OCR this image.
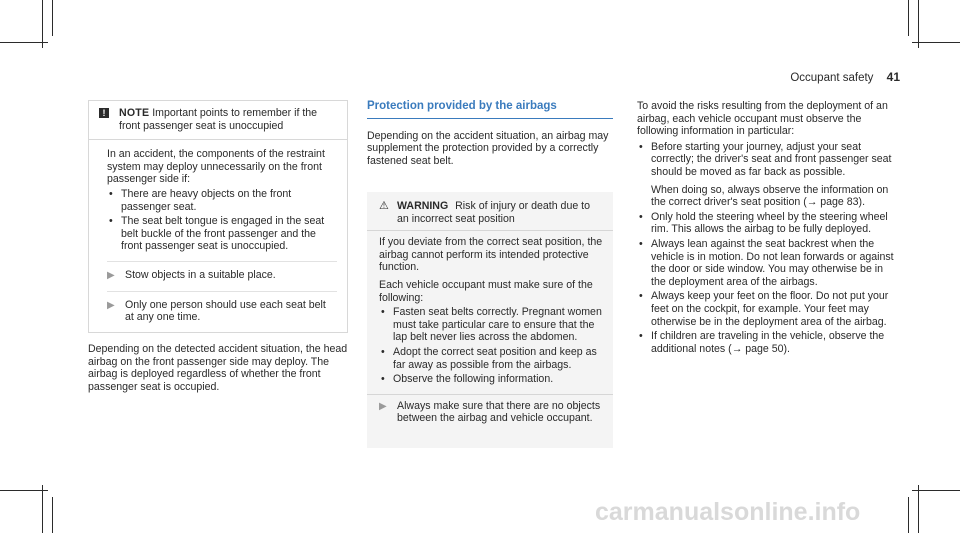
Occupant safety 41
!	NOTE Important points to remember if the front passenger seat is unoccupied
In an accident, the components of the restraint system may deploy unnecessarily on the front passenger side if:
• There are heavy objects on the front passenger seat.
• The seat belt tongue is engaged in the seat belt buckle of the front passenger and the front passenger seat is unoccupied.
▶ Stow objects in a suitable place.
▶ Only one person should use each seat belt at any one time.
Depending on the detected accident situation, the head airbag on the front passenger side may deploy. The airbag is deployed regardless of whether the front passenger seat is occupied.
Protection provided by the airbags
Depending on the accident situation, an airbag may supplement the protection provided by a correctly fastened seat belt.
⚠ WARNING Risk of injury or death due to an incorrect seat position
If you deviate from the correct seat position, the airbag cannot perform its intended protective function.
Each vehicle occupant must make sure of the following:
• Fasten seat belts correctly. Pregnant women must take particular care to ensure that the lap belt never lies across the abdomen.
• Adopt the correct seat position and keep as far away as possible from the airbags.
• Observe the following information.
▶ Always make sure that there are no objects between the airbag and vehicle occupant.
To avoid the risks resulting from the deployment of an airbag, each vehicle occupant must observe the following information in particular:
• Before starting your journey, adjust your seat correctly; the driver's seat and front passenger seat should be moved as far back as possible.
When doing so, always observe the information on the correct driver's seat position (→ page 83).
• Only hold the steering wheel by the steering wheel rim. This allows the airbag to be fully deployed.
• Always lean against the seat backrest when the vehicle is in motion. Do not lean forwards or against the door or side window. You may otherwise be in the deployment area of the airbags.
• Always keep your feet on the floor. Do not put your feet on the cockpit, for example. Your feet may otherwise be in the deployment area of the airbag.
• If children are traveling in the vehicle, observe the additional notes (→ page 50).
carmanualsonline.info
